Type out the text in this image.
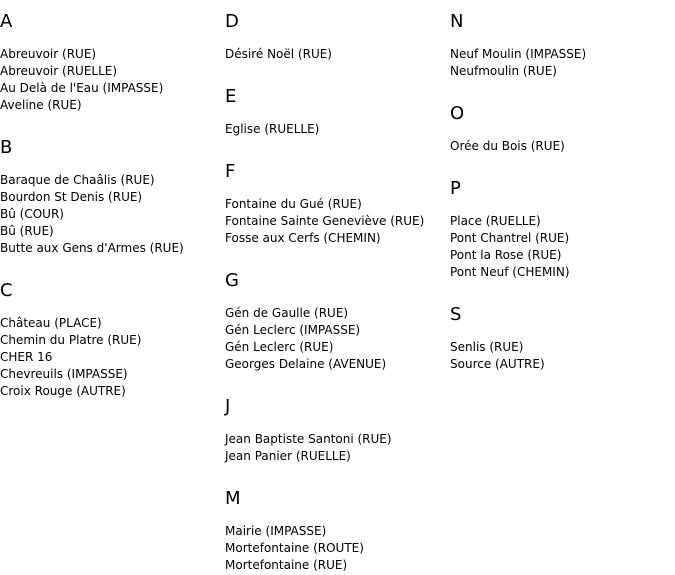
A
Abreuvoir (RUE)
Abreuvoir (RUELLE)
Au Delà de l'Eau (IMPASSE)
Aveline (RUE)
B
Baraque de Chaâlis (RUE)
Bourdon St Denis (RUE)
Bû (COUR)
Bû (RUE)
Butte aux Gens d'Armes (RUE)
C
Château (PLACE)
Chemin du Platre (RUE)
CHER 16
Chevreuils (IMPASSE)
Croix Rouge (AUTRE)
D
Désiré Noël (RUE)
E
Eglise (RUELLE)
F
Fontaine du Gué (RUE)
Fontaine Sainte Geneviève (RUE)
Fosse aux Cerfs (CHEMIN)
G
Gén de Gaulle (RUE)
Gén Leclerc (IMPASSE)
Gén Leclerc (RUE)
Georges Delaine (AVENUE)
J
Jean Baptiste Santoni (RUE)
Jean Panier (RUELLE)
M
Mairie (IMPASSE)
Mortefontaine (ROUTE)
Mortefontaine (RUE)
N
Neuf Moulin (IMPASSE)
Neufmoulin (RUE)
O
Orée du Bois (RUE)
P
Place (RUELLE)
Pont Chantrel (RUE)
Pont la Rose (RUE)
Pont Neuf (CHEMIN)
S
Senlis (RUE)
Source (AUTRE)
